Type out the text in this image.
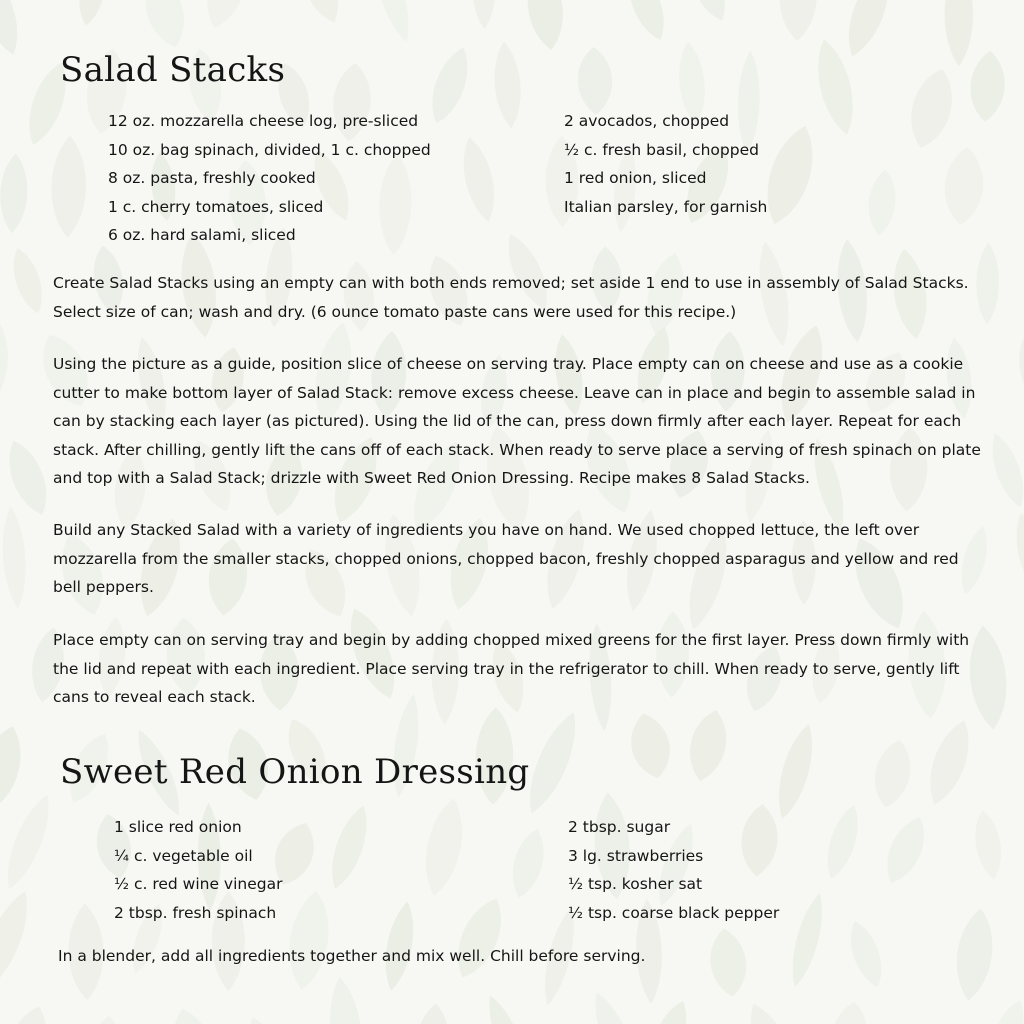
Salad Stacks
12 oz. mozzarella cheese log, pre-sliced
10 oz. bag spinach, divided, 1 c. chopped
8 oz. pasta, freshly cooked
1 c. cherry tomatoes, sliced
6 oz. hard salami, sliced
2 avocados, chopped
½ c. fresh basil, chopped
1 red onion, sliced
Italian parsley, for garnish

Create Salad Stacks using an empty can with both ends removed; set aside 1 end to use in assembly of Salad Stacks. Select size of can; wash and dry. (6 ounce tomato paste cans were used for this recipe.)

Using the picture as a guide, position slice of cheese on serving tray. Place empty can on cheese and use as a cookie cutter to make bottom layer of Salad Stack: remove excess cheese. Leave can in place and begin to assemble salad in can by stacking each layer (as pictured). Using the lid of the can, press down firmly after each layer. Repeat for each stack. After chilling, gently lift the cans off of each stack. When ready to serve place a serving of fresh spinach on plate and top with a Salad Stack; drizzle with Sweet Red Onion Dressing. Recipe makes 8 Salad Stacks.

Build any Stacked Salad with a variety of ingredients you have on hand. We used chopped lettuce, the left over mozzarella from the smaller stacks, chopped onions, chopped bacon, freshly chopped asparagus and yellow and red bell peppers.

Place empty can on serving tray and begin by adding chopped mixed greens for the first layer. Press down firmly with the lid and repeat with each ingredient. Place serving tray in the refrigerator to chill. When ready to serve, gently lift cans to reveal each stack.

Sweet Red Onion Dressing
1 slice red onion
¼ c. vegetable oil
½ c. red wine vinegar
2 tbsp. fresh spinach
2 tbsp. sugar
3 lg. strawberries
½ tsp. kosher sat
½ tsp. coarse black pepper

In a blender, add all ingredients together and mix well. Chill before serving.
